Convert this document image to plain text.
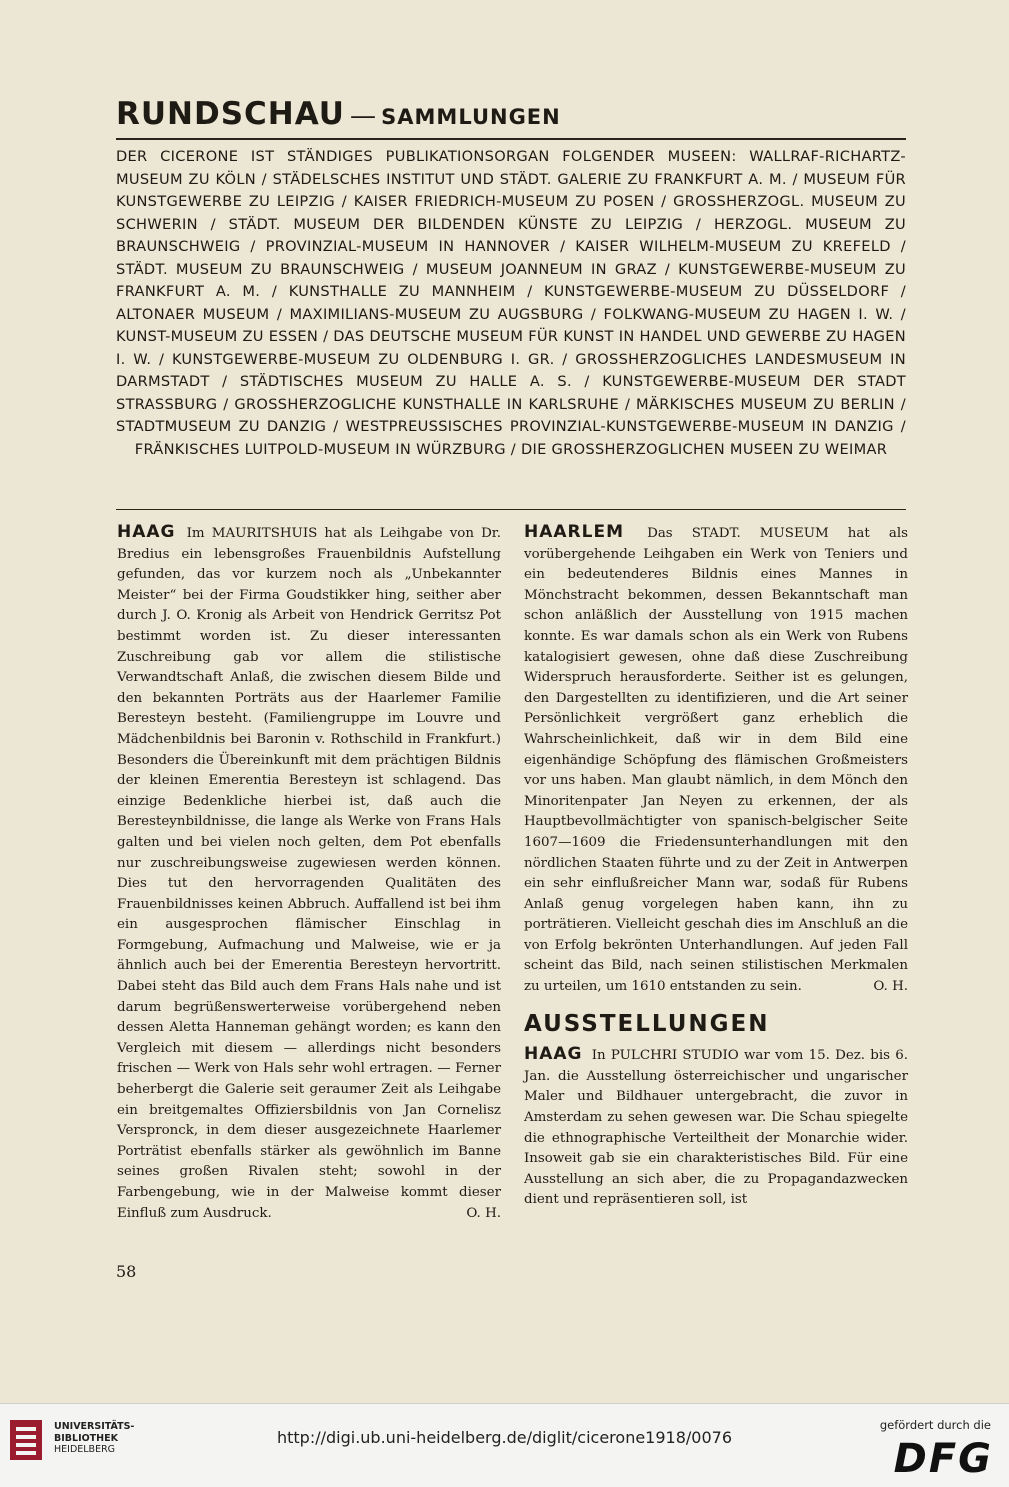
RUNDSCHAU — SAMMLUNGEN
DER CICERONE IST STÄNDIGES PUBLIKATIONSORGAN FOLGENDER MUSEEN: WALLRAF-RICHARTZ-MUSEUM ZU KÖLN / STÄDELSCHES INSTITUT UND STÄDT. GALERIE ZU FRANKFURT A. M. / MUSEUM FÜR KUNSTGEWERBE ZU LEIPZIG / KAISER FRIEDRICH-MUSEUM ZU POSEN / GROSSHERZOGL. MUSEUM ZU SCHWERIN / STÄDT. MUSEUM DER BILDENDEN KÜNSTE ZU LEIPZIG / HERZOGL. MUSEUM ZU BRAUNSCHWEIG / PROVINZIAL-MUSEUM IN HANNOVER / KAISER WILHELM-MUSEUM ZU KREFELD / STÄDT. MUSEUM ZU BRAUNSCHWEIG / MUSEUM JOANNEUM IN GRAZ / KUNSTGEWERBE-MUSEUM ZU FRANKFURT A. M. / KUNSTHALLE ZU MANNHEIM / KUNSTGEWERBE-MUSEUM ZU DÜSSELDORF / ALTONAER MUSEUM / MAXIMILIANS-MUSEUM ZU AUGSBURG / FOLKWANG-MUSEUM ZU HAGEN I. W. / KUNST-MUSEUM ZU ESSEN / DAS DEUTSCHE MUSEUM FÜR KUNST IN HANDEL UND GEWERBE ZU HAGEN I. W. / KUNSTGEWERBE-MUSEUM ZU OLDENBURG I. GR. / GROSSHERZOGLICHES LANDESMUSEUM IN DARMSTADT / STÄDTISCHES MUSEUM ZU HALLE A. S. / KUNSTGEWERBE-MUSEUM DER STADT STRASSBURG / GROSSHERZOGLICHE KUNSTHALLE IN KARLSRUHE / MÄRKISCHES MUSEUM ZU BERLIN / STADTMUSEUM ZU DANZIG / WESTPREUSSISCHES PROVINZIAL-KUNSTGEWERBE-MUSEUM IN DANZIG / FRÄNKISCHES LUITPOLD-MUSEUM IN WÜRZBURG / DIE GROSSHERZOGLICHEN MUSEEN ZU WEIMAR

HAAG Im MAURITSHUIS hat als Leihgabe von Dr. Bredius ein lebensgroßes Frauenbildnis Aufstellung gefunden, das vor kurzem noch als „Unbekannter Meister“ bei der Firma Goudstikker hing, seither aber durch J. O. Kronig als Arbeit von Hendrick Gerritsz Pot bestimmt worden ist. Zu dieser interessanten Zuschreibung gab vor allem die stilistische Verwandtschaft Anlaß, die zwischen diesem Bilde und den bekannten Porträts aus der Haarlemer Familie Beresteyn besteht. (Familiengruppe im Louvre und Mädchenbildnis bei Baronin v. Rothschild in Frankfurt.) Besonders die Übereinkunft mit dem prächtigen Bildnis der kleinen Emerentia Beresteyn ist schlagend. Das einzige Bedenkliche hierbei ist, daß auch die Beresteynbildnisse, die lange als Werke von Frans Hals galten und bei vielen noch gelten, dem Pot ebenfalls nur zuschreibungsweise zugewiesen werden können. Dies tut den hervorragenden Qualitäten des Frauenbildnisses keinen Abbruch. Auffallend ist bei ihm ein ausgesprochen flämischer Einschlag in Formgebung, Aufmachung und Malweise, wie er ja ähnlich auch bei der Emerentia Beresteyn hervortritt. Dabei steht das Bild auch dem Frans Hals nahe und ist darum begrüßenswerterweise vorübergehend neben dessen Aletta Hanneman gehängt worden; es kann den Vergleich mit diesem — allerdings nicht besonders frischen — Werk von Hals sehr wohl ertragen. — Ferner beherbergt die Galerie seit geraumer Zeit als Leihgabe ein breitgemaltes Offiziersbildnis von Jan Cornelisz Verspronck, in dem dieser ausgezeichnete Haarlemer Porträtist ebenfalls stärker als gewöhnlich im Banne seines großen Rivalen steht; sowohl in der Farbengebung, wie in der Malweise kommt dieser Einfluß zum Ausdruck.	O. H.

HAARLEM Das STADT. MUSEUM hat als vorübergehende Leihgaben ein Werk von Teniers und ein bedeutenderes Bildnis eines Mannes in Mönchstracht bekommen, dessen Bekanntschaft man schon anläßlich der Ausstellung von 1915 machen konnte. Es war damals schon als ein Werk von Rubens katalogisiert gewesen, ohne daß diese Zuschreibung Widerspruch herausforderte. Seither ist es gelungen, den Dargestellten zu identifizieren, und die Art seiner Persönlichkeit vergrößert ganz erheblich die Wahrscheinlichkeit, daß wir in dem Bild eine eigenhändige Schöpfung des flämischen Großmeisters vor uns haben. Man glaubt nämlich, in dem Mönch den Minoritenpater Jan Neyen zu erkennen, der als Hauptbevollmächtigter von spanisch-belgischer Seite 1607—1609 die Friedensunterhandlungen mit den nördlichen Staaten führte und zu der Zeit in Antwerpen ein sehr einflußreicher Mann war, sodaß für Rubens Anlaß genug vorgelegen haben kann, ihn zu porträtieren. Vielleicht geschah dies im Anschluß an die von Erfolg bekrönten Unterhandlungen. Auf jeden Fall scheint das Bild, nach seinen stilistischen Merkmalen zu urteilen, um 1610 entstanden zu sein.	O. H.

AUSSTELLUNGEN

HAAG In PULCHRI STUDIO war vom 15. Dez. bis 6. Jan. die Ausstellung österreichischer und ungarischer Maler und Bildhauer untergebracht, die zuvor in Amsterdam zu sehen gewesen war. Die Schau spiegelte die ethnographische Verteiltheit der Monarchie wider. Insoweit gab sie ein charakteristisches Bild. Für eine Ausstellung an sich aber, die zu Propagandazwecken dient und repräsentieren soll, ist

58
UNIVERSITÄTS-
BIBLIOTHEK
HEIDELBERG
http://digi.ub.uni-heidelberg.de/diglit/cicerone1918/0076
gefördert durch die
DFG
